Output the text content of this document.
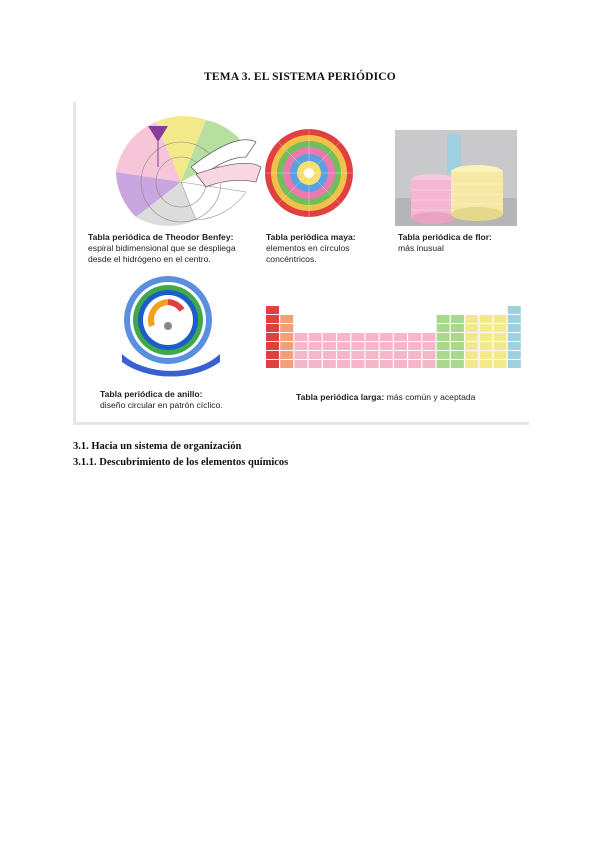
TEMA 3. EL SISTEMA PERIÓDICO
Tabla periódica de Theodor Benfey:
espiral bidimensional que se despliega
desde el hidrógeno en el centro.
Tabla periódica maya:
elementos en círculos
concéntricos.
Tabla periódica de flor:
más inusual
Tabla periódica de anillo:
diseño circular en patrón cíclico.
Tabla periódica larga: más común y aceptada
3.1. Hacia un sistema de organización
3.1.1. Descubrimiento de los elementos químicos
